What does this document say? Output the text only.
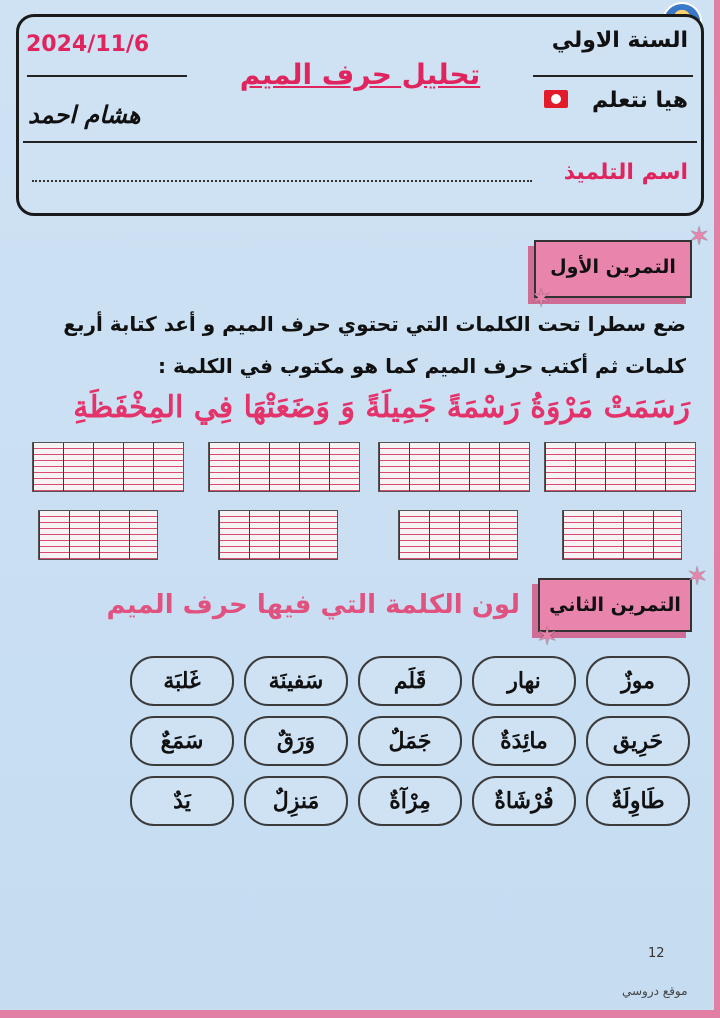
2024/11/6
هشام احمد
تحليل حرف الميم
السنة الاولي
هيا نتعلم
اسم التلميذ
التمرين الأول
✶
✶
ضع سطرا تحت الكلمات التي تحتوي حرف الميم و أعد كتابة أربع
كلمات ثم أكتب حرف الميم كما هو مكتوب في الكلمة :
رَسَمَتْ مَرْوَةُ رَسْمَةً جَمِيلَةً وَ وَضَعَتْهَا فِي المِخْفَظَةِ
التمرين الثاني
✶
✶
لون الكلمة التي فيها حرف الميم
موزٌ
نهار
قَلَم
سَفينَة
غَلبَة
حَرِيق
مائِدَةٌ
جَمَلٌ
وَرَقٌ
سَمَعٌ
طَاوِلَةٌ
فُرْشَاةٌ
مِرْآةٌ
مَنزِلٌ
يَدٌ
12
موقع دروسي
